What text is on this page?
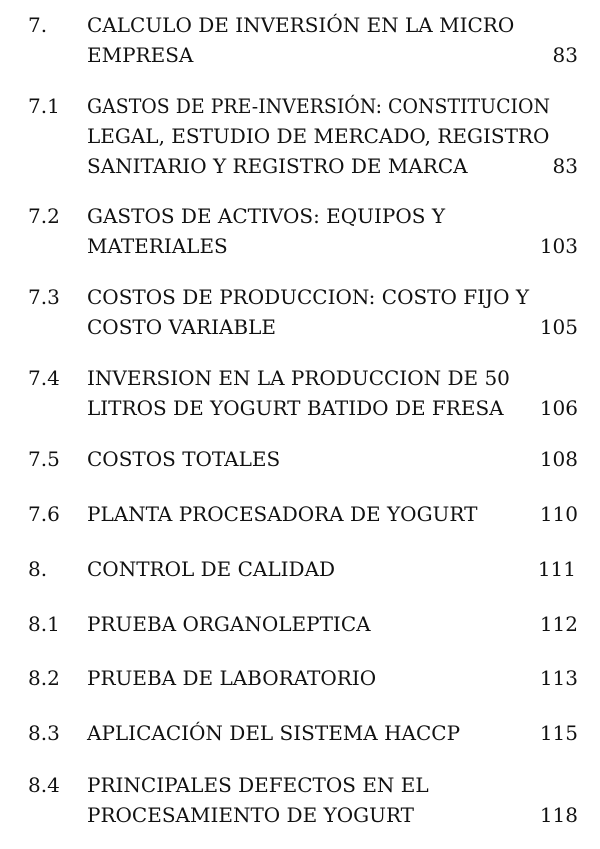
7. CALCULO DE INVERSIÓN EN LA MICRO
EMPRESA	83
7.1 GASTOS DE PRE-INVERSIÓN: CONSTITUCION
LEGAL, ESTUDIO DE MERCADO, REGISTRO
SANITARIO Y REGISTRO DE MARCA	83
7.2 GASTOS DE ACTIVOS: EQUIPOS Y
MATERIALES	103
7.3 COSTOS DE PRODUCCION: COSTO FIJO Y
COSTO VARIABLE	105
7.4 INVERSION EN LA PRODUCCION DE 50
LITROS DE YOGURT BATIDO DE FRESA 106
7.5 COSTOS TOTALES	108
7.6 PLANTA PROCESADORA DE YOGURT	110
8. CONTROL DE CALIDAD	111
8.1 PRUEBA ORGANOLEPTICA	112
8.2 PRUEBA DE LABORATORIO	113
8.3 APLICACIÓN DEL SISTEMA HACCP	115
8.4 PRINCIPALES DEFECTOS EN EL
PROCESAMIENTO DE YOGURT	118
